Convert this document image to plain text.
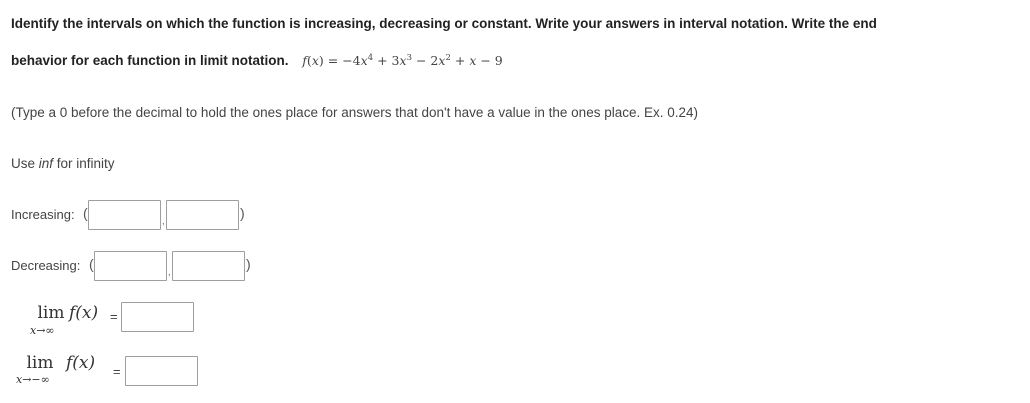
Identify the intervals on which the function is increasing, decreasing or constant. Write your answers in interval notation. Write the end
behavior for each function in limit notation. $f(x) = -4x^4 + 3x^3 - 2x^2 + x - 9$
(Type a 0 before the decimal to hold the ones place for answers that don't have a value in the ones place. Ex. 0.24)
Use inf for infinity
Increasing: (	,	)
Decreasing: (	,	)
lim
x→∞
f(x) =
lim
x→−∞
f(x) =
